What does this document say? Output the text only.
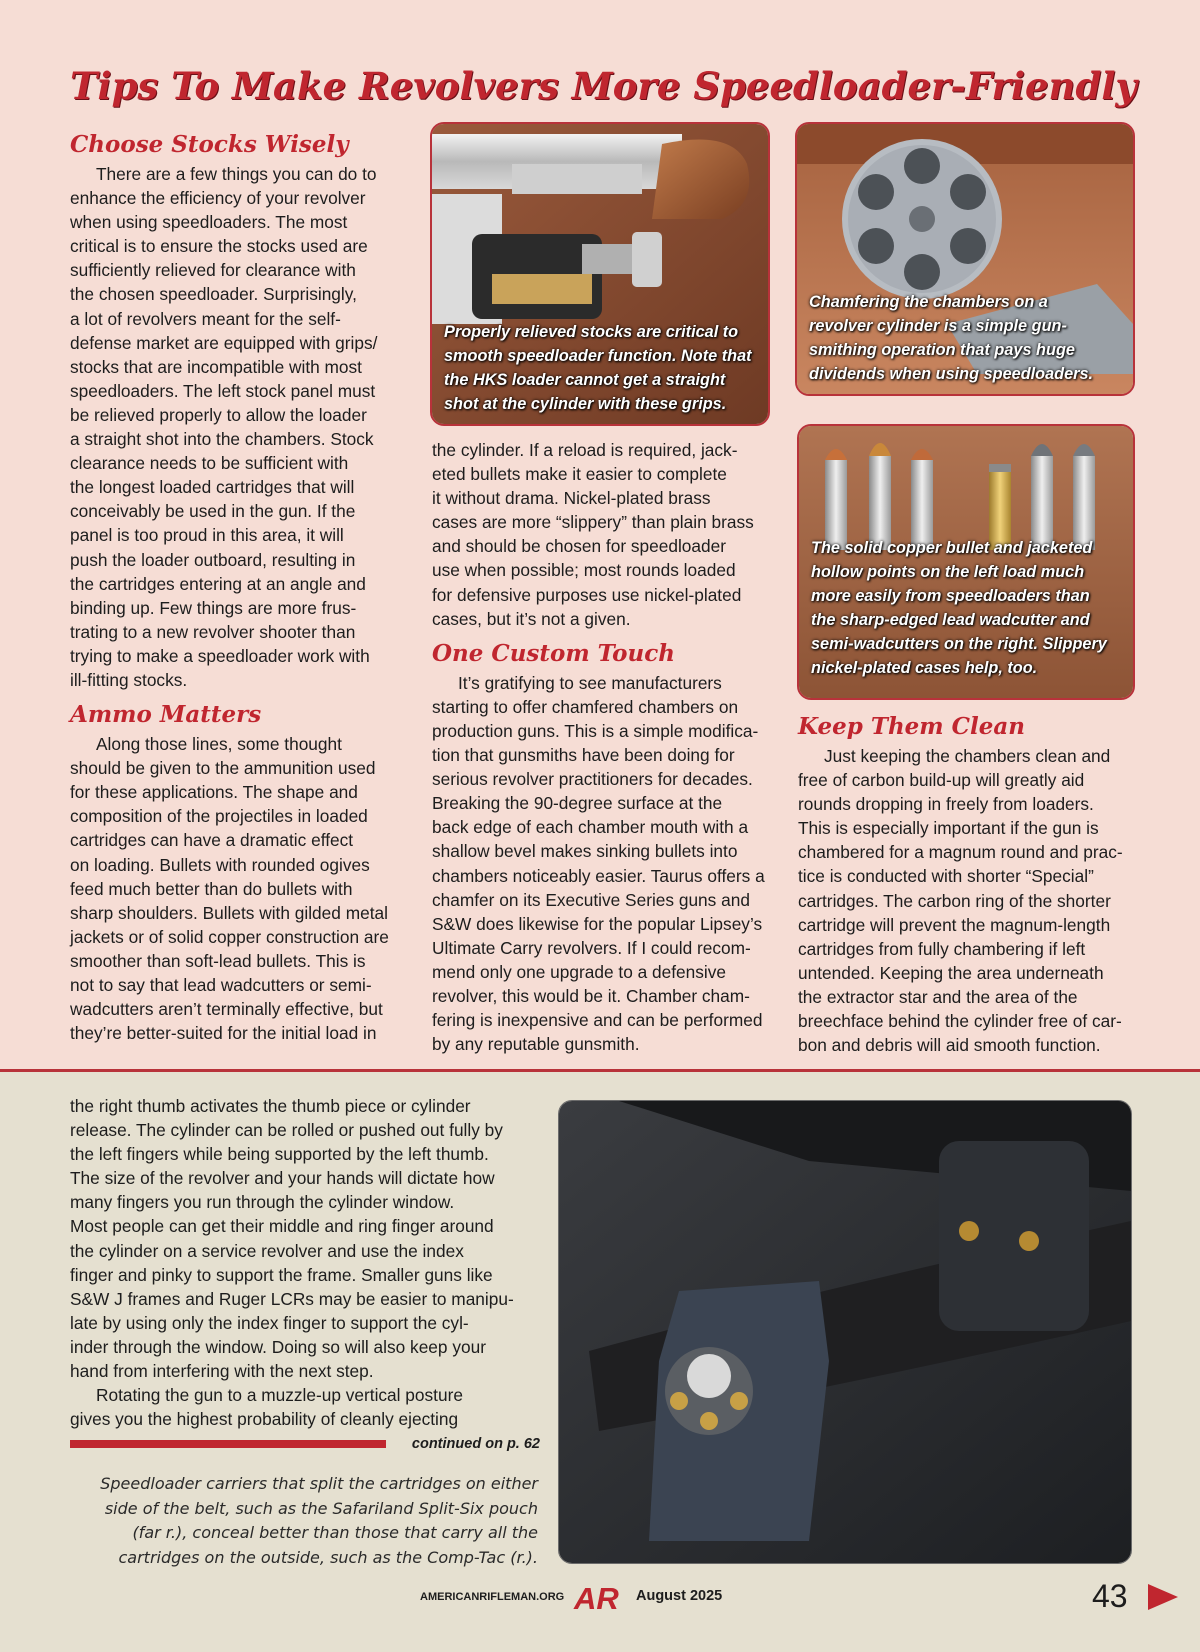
Tips To Make Revolvers More Speedloader-Friendly
Choose Stocks Wisely

There are a few things you can do to
enhance the efficiency of your revolver
when using speedloaders. The most
critical is to ensure the stocks used are
sufficiently relieved for clearance with
the chosen speedloader. Surprisingly,
a lot of revolvers meant for the self-
defense market are equipped with grips/
stocks that are incompatible with most
speedloaders. The left stock panel must
be relieved properly to allow the loader
a straight shot into the chambers. Stock
clearance needs to be sufficient with
the longest loaded cartridges that will
conceivably be used in the gun. If the
panel is too proud in this area, it will
push the loader outboard, resulting in
the cartridges entering at an angle and
binding up. Few things are more frus-
trating to a new revolver shooter than
trying to make a speedloader work with
ill-fitting stocks.

Ammo Matters

Along those lines, some thought
should be given to the ammunition used
for these applications. The shape and
composition of the projectiles in loaded
cartridges can have a dramatic effect
on loading. Bullets with rounded ogives
feed much better than do bullets with
sharp shoulders. Bullets with gilded metal
jackets or of solid copper construction are
smoother than soft-lead bullets. This is
not to say that lead wadcutters or semi-
wadcutters aren’t terminally effective, but
they’re better-suited for the initial load in

Properly relieved stocks are critical to
smooth speedloader function. Note that
the HKS loader cannot get a straight
shot at the cylinder with these grips.

the cylinder. If a reload is required, jack-
eted bullets make it easier to complete
it without drama. Nickel-plated brass
cases are more “slippery” than plain brass
and should be chosen for speedloader
use when possible; most rounds loaded
for defensive purposes use nickel-plated
cases, but it’s not a given.

One Custom Touch

It’s gratifying to see manufacturers
starting to offer chamfered chambers on
production guns. This is a simple modifica-
tion that gunsmiths have been doing for
serious revolver practitioners for decades.
Breaking the 90-degree surface at the
back edge of each chamber mouth with a
shallow bevel makes sinking bullets into
chambers noticeably easier. Taurus offers a
chamfer on its Executive Series guns and
S&W does likewise for the popular Lipsey’s
Ultimate Carry revolvers. If I could recom-
mend only one upgrade to a defensive
revolver, this would be it. Chamber cham-
fering is inexpensive and can be performed
by any reputable gunsmith.

Chamfering the chambers on a
revolver cylinder is a simple gun-
smithing operation that pays huge
dividends when using speedloaders.
The solid copper bullet and jacketed
hollow points on the left load much
more easily from speedloaders than
the sharp-edged lead wadcutter and
semi-wadcutters on the right. Slippery
nickel-plated cases help, too.
Keep Them Clean

Just keeping the chambers clean and
free of carbon build-up will greatly aid
rounds dropping in freely from loaders.
This is especially important if the gun is
chambered for a magnum round and prac-
tice is conducted with shorter “Special”
cartridges. The carbon ring of the shorter
cartridge will prevent the magnum-length
cartridges from fully chambering if left
untended. Keeping the area underneath
the extractor star and the area of the
breechface behind the cylinder free of car-
bon and debris will aid smooth function.

the right thumb activates the thumb piece or cylinder
release. The cylinder can be rolled or pushed out fully by
the left fingers while being supported by the left thumb.
The size of the revolver and your hands will dictate how
many fingers you run through the cylinder window.
Most people can get their middle and ring finger around
the cylinder on a service revolver and use the index
finger and pinky to support the frame. Smaller guns like
S&W J frames and Ruger LCRs may be easier to manipu-
late by using only the index finger to support the cyl-
inder through the window. Doing so will also keep your
hand from interfering with the next step.

Rotating the gun to a muzzle-up vertical posture
gives you the highest probability of cleanly ejecting

continued on p. 62
Speedloader carriers that split the cartridges on either
side of the belt, such as the Safariland Split-Six pouch
(far r.), conceal better than those that carry all the
cartridges on the outside, such as the Comp-Tac (r.).
AMERICANRIFLEMAN.ORG AR August 2025	43
